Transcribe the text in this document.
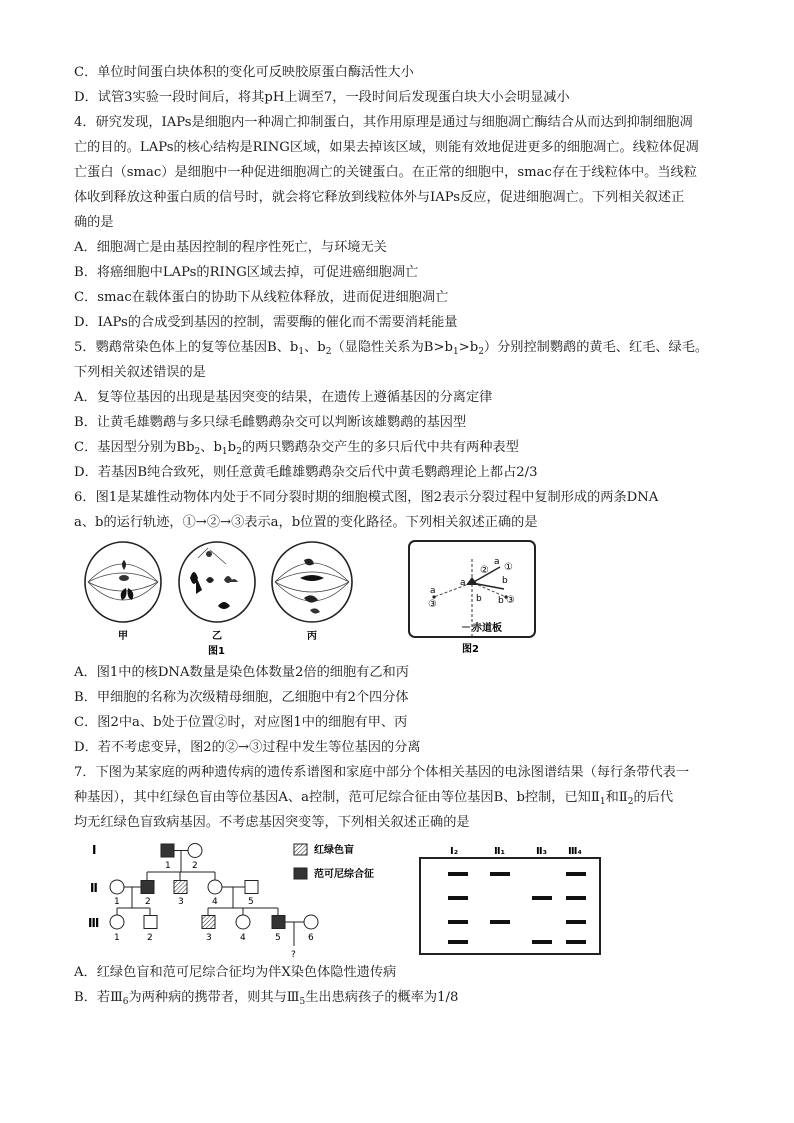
C．单位时间蛋白块体积的变化可反映胶原蛋白酶活性大小
D．试管3实验一段时间后，将其pH上调至7，一段时间后发现蛋白块大小会明显减小
4．研究发现，IAPs是细胞内一种凋亡抑制蛋白，其作用原理是通过与细胞凋亡酶结合从而达到抑制细胞凋
亡的目的。LAPs的核心结构是RING区域，如果去掉该区域，则能有效地促进更多的细胞凋亡。线粒体促凋
亡蛋白（smac）是细胞中一种促进细胞凋亡的关键蛋白。在正常的细胞中，smac存在于线粒体中。当线粒
体收到释放这种蛋白质的信号时，就会将它释放到线粒体外与IAPs反应，促进细胞凋亡。下列相关叙述正
确的是
A．细胞凋亡是由基因控制的程序性死亡，与环境无关
B．将癌细胞中LAPs的RING区域去掉，可促进癌细胞凋亡
C．smac在载体蛋白的协助下从线粒体释放，进而促进细胞凋亡
D．IAPs的合成受到基因的控制，需要酶的催化而不需要消耗能量
5．鹦鹉常染色体上的复等位基因B、$b_1$、$b_2$（显隐性关系为$B>b_1>b_2$）分别控制鹦鹉的黄毛、红毛、绿毛。
下列相关叙述错误的是
A．复等位基因的出现是基因突变的结果，在遗传上遵循基因的分离定律
B．让黄毛雄鹦鹉与多只绿毛雌鹦鹉杂交可以判断该雄鹦鹉的基因型
C．基因型分别为$Bb_2$、$b_1b_2$的两只鹦鹉杂交产生的多只后代中共有两种表型
D．若基因B纯合致死，则任意黄毛雌雄鹦鹉杂交后代中黄毛鹦鹉理论上都占2/3
6．图1是某雄性动物体内处于不同分裂时期的细胞模式图，图2表示分裂过程中复制形成的两条DNA
a、b的运行轨迹，①→②→③表示a，b位置的变化路径。下列相关叙述正确的是
甲	乙	丙
图1
a ①
b
②
a
a
③	b ③
b
赤道板
图2
A．图1中的核DNA数量是染色体数量2倍的细胞有乙和丙
B．甲细胞的名称为次级精母细胞，乙细胞中有2个四分体
C．图2中a、b处于位置②时，对应图1中的细胞有甲、丙
D．若不考虑变异，图2的②→③过程中发生等位基因的分离
7．下图为某家庭的两种遗传病的遗传系谱图和家庭中部分个体相关基因的电泳图谱结果（每行条带代表一
种基因），其中红绿色盲由等位基因A、a控制，范可尼综合征由等位基因B、b控制，已知$Ⅱ_1$和$Ⅱ_2$的后代
均无红绿色盲致病基因。不考虑基因突变等，下列相关叙述正确的是
Ⅰ
Ⅱ
Ⅲ
1 2
1	2	3	4	5
1	2	3	4	5	6
?
红绿色盲
范可尼综合征
Ⅰ₂	Ⅱ₁	Ⅱ₃ Ⅲ₄
A．红绿色盲和范可尼综合征均为伴X染色体隐性遗传病
B．若$Ⅲ_6$为两种病的携带者，则其与$Ⅲ_5$生出患病孩子的概率为1/8
